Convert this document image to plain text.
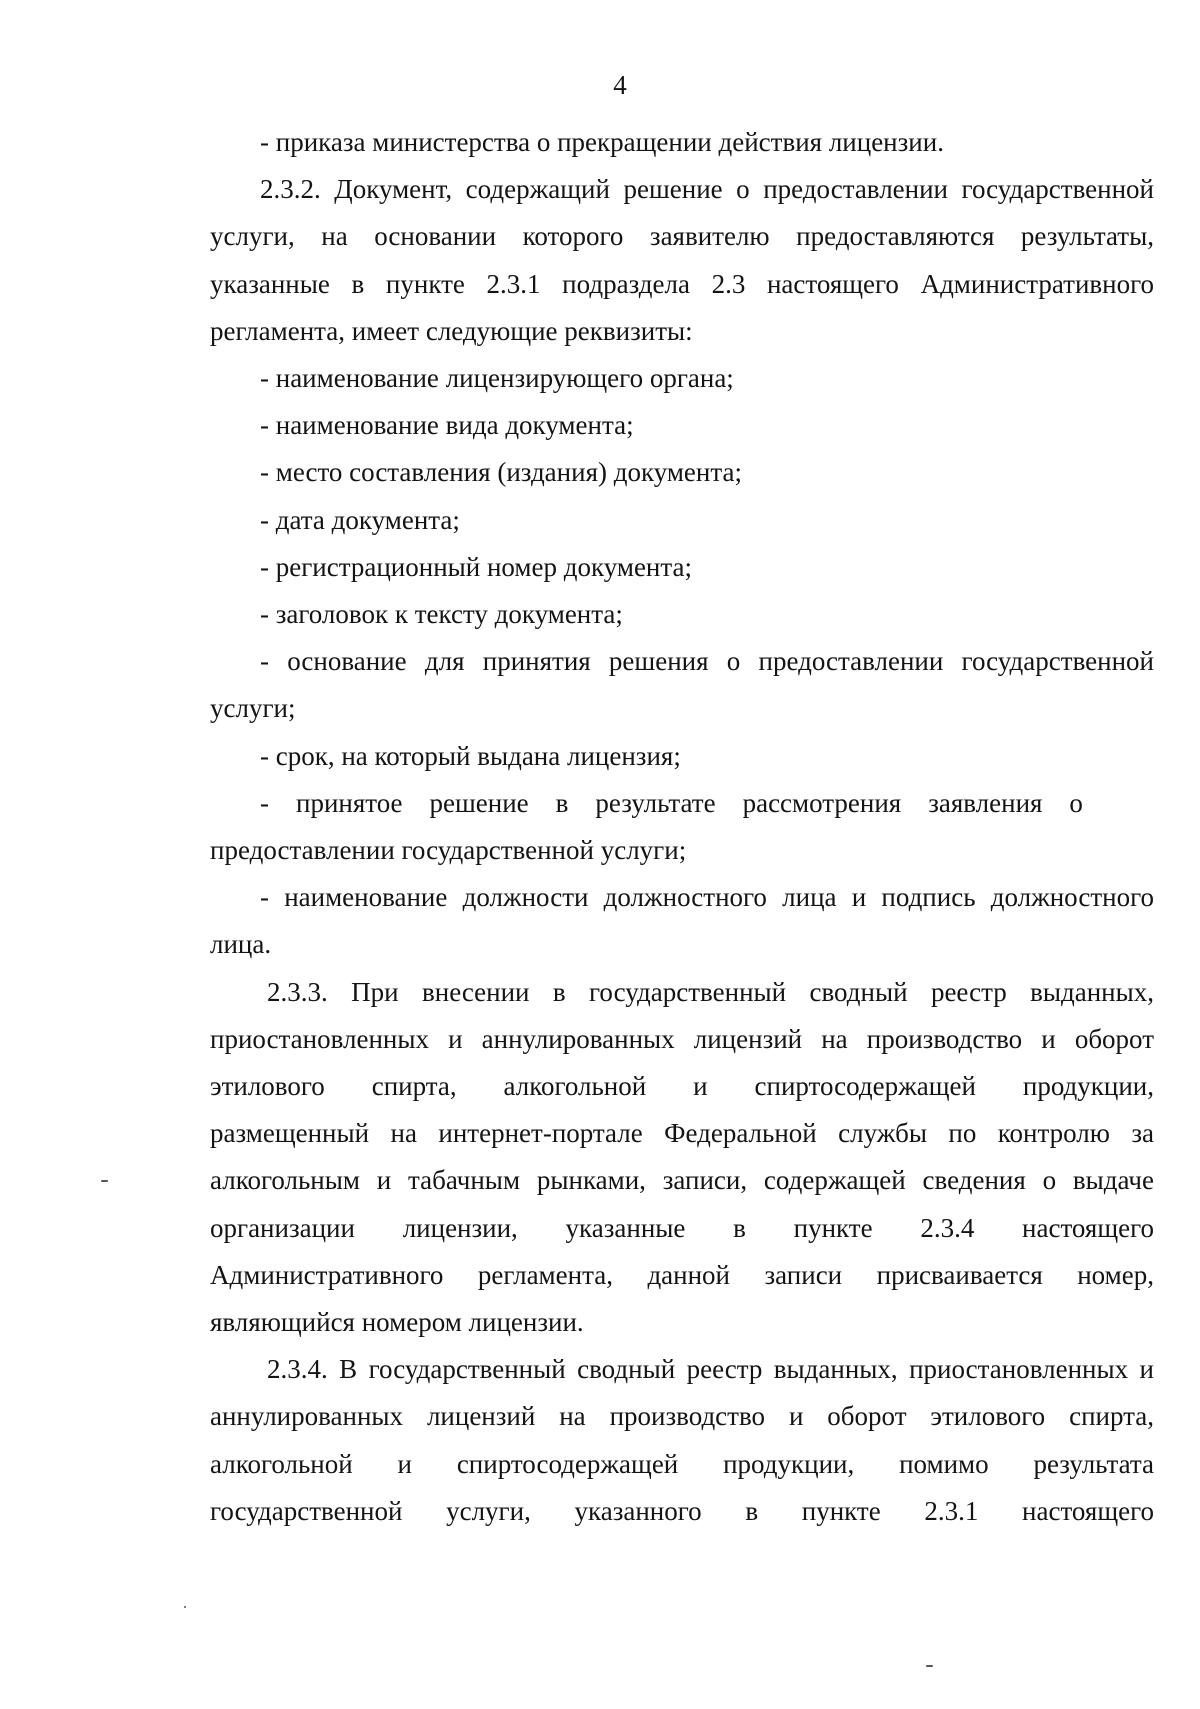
4

- приказа министерства о прекращении действия лицензии.

2.3.2. Документ, содержащий решение о предоставлении государственной

услуги, на основании которого заявителю предоставляются результаты,

указанные в пункте 2.3.1 подраздела 2.3 настоящего Административного

регламента, имеет следующие реквизиты:

- наименование лицензирующего органа;

- наименование вида документа;

- место составления (издания) документа;

- дата документа;

- регистрационный номер документа;

- заголовок к тексту документа;

- основание для принятия решения о предоставлении государственной

услуги;

- срок, на который выдана лицензия;

- принятое решение в результате рассмотрения заявления о

предоставлении государственной услуги;

- наименование должности должностного лица и подпись должностного

лица.

2.3.3. При внесении в государственный сводный реестр выданных,

приостановленных и аннулированных лицензий на производство и оборот

этилового спирта, алкогольной и спиртосодержащей продукции,

размещенный на интернет-портале Федеральной службы по контролю за

алкогольным и табачным рынками, записи, содержащей сведения о выдаче

организации лицензии, указанные в пункте 2.3.4 настоящего

Административного регламента, данной записи присваивается номер,

являющийся номером лицензии.

2.3.4. В государственный сводный реестр выданных, приостановленных и

аннулированных лицензий на производство и оборот этилового спирта,

алкогольной и спиртосодержащей продукции, помимо результата

государственной услуги, указанного в пункте 2.3.1 настоящего
